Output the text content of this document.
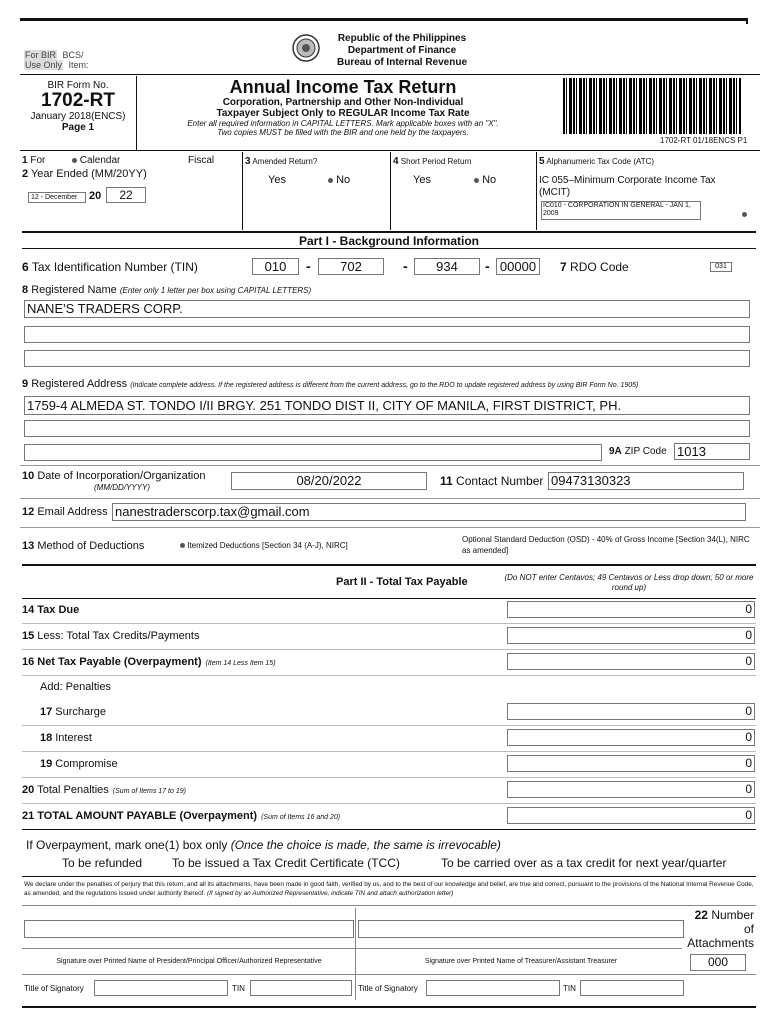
For BIR BCS/
Use Only Item:
Republic of the Philippines
Department of Finance
Bureau of Internal Revenue
BIR Form No.
1702-RT
January 2018(ENCS)
Page 1
Annual Income Tax Return
Corporation, Partnership and Other Non-Individual
Taxpayer Subject Only to REGULAR Income Tax Rate
Enter all required information in CAPITAL LETTERS. Mark applicable boxes with an "X".
Two copies MUST be filled with the BIR and one held by the taxpayers.
1702-RT 01/18ENCS P1
1 For	Calendar	Fiscal
2 Year Ended (MM/20YY)
12 - December	20	22
3 Amended Return?
Yes	No
4 Short Period Return
Yes	No
5 Alphanumeric Tax Code (ATC)
IC 055–Minimum Corporate Income Tax (MCIT)
IC010 - CORPORATION IN GENERAL - JAN 1, 2009
Part I - Background Information
6 Tax Identification Number (TIN)	010	-	702	-	934	- 00000	7 RDO Code	031
8 Registered Name (Enter only 1 letter per box using CAPITAL LETTERS)
NANE'S TRADERS CORP.
9 Registered Address (Indicate complete address. If the registered address is different from the current address, go to the RDO to update registered address by using BIR Form No. 1905)
1759-4 ALMEDA ST. TONDO I/II BRGY. 251 TONDO DIST II, CITY OF MANILA, FIRST DISTRICT, PH.
9A ZIP Code 1013
10 Date of Incorporation/Organization
(MM/DD/YYYY)	08/20/2022	11 Contact Number 09473130323
12 Email Address nanestraderscorp.tax@gmail.com
13 Method of Deductions	Itemized Deductions [Section 34 (A-J), NIRC]
Optional Standard Deduction (OSD) - 40% of Gross Income [Section 34(L), NIRC as amended]
Part II - Total Tax Payable	(Do NOT enter Centavos; 49 Centavos or Less drop down; 50 or more round up)
14 Tax Due	0
15 Less: Total Tax Credits/Payments	0
16 Net Tax Payable (Overpayment) (Item 14 Less Item 15)	0
17 Surcharge	0
18 Interest	0
19 Compromise	0
20 Total Penalties (Sum of Items 17 to 19)	0
21 TOTAL AMOUNT PAYABLE (Overpayment) (Sum of Items 16 and 20)	0
Add: Penalties
If Overpayment, mark one(1) box only (Once the choice is made, the same is irrevocable)
To be refunded To be issued a Tax Credit Certificate (TCC)	To be carried over as a tax credit for next year/quarter
We declare under the penalties of perjury that this return, and all its attachments, have been made in good faith, verified by us, and to the best of our knowledge and belief, are true and correct, pursuant to the provisions of the National Internal Revenue Code, as amended, and the regulations issued under authority thereof. (If signed by an Authorized Representative, indicate TIN and attach authorization letter)
22 Number of Attachments
Signature over Printed Name of President/Principal Officer/Authorized Representative	Signature over Printed Name of Treasurer/Assistant Treasurer	000
Title of Signatory	TIN	Title of Signatory	TIN
